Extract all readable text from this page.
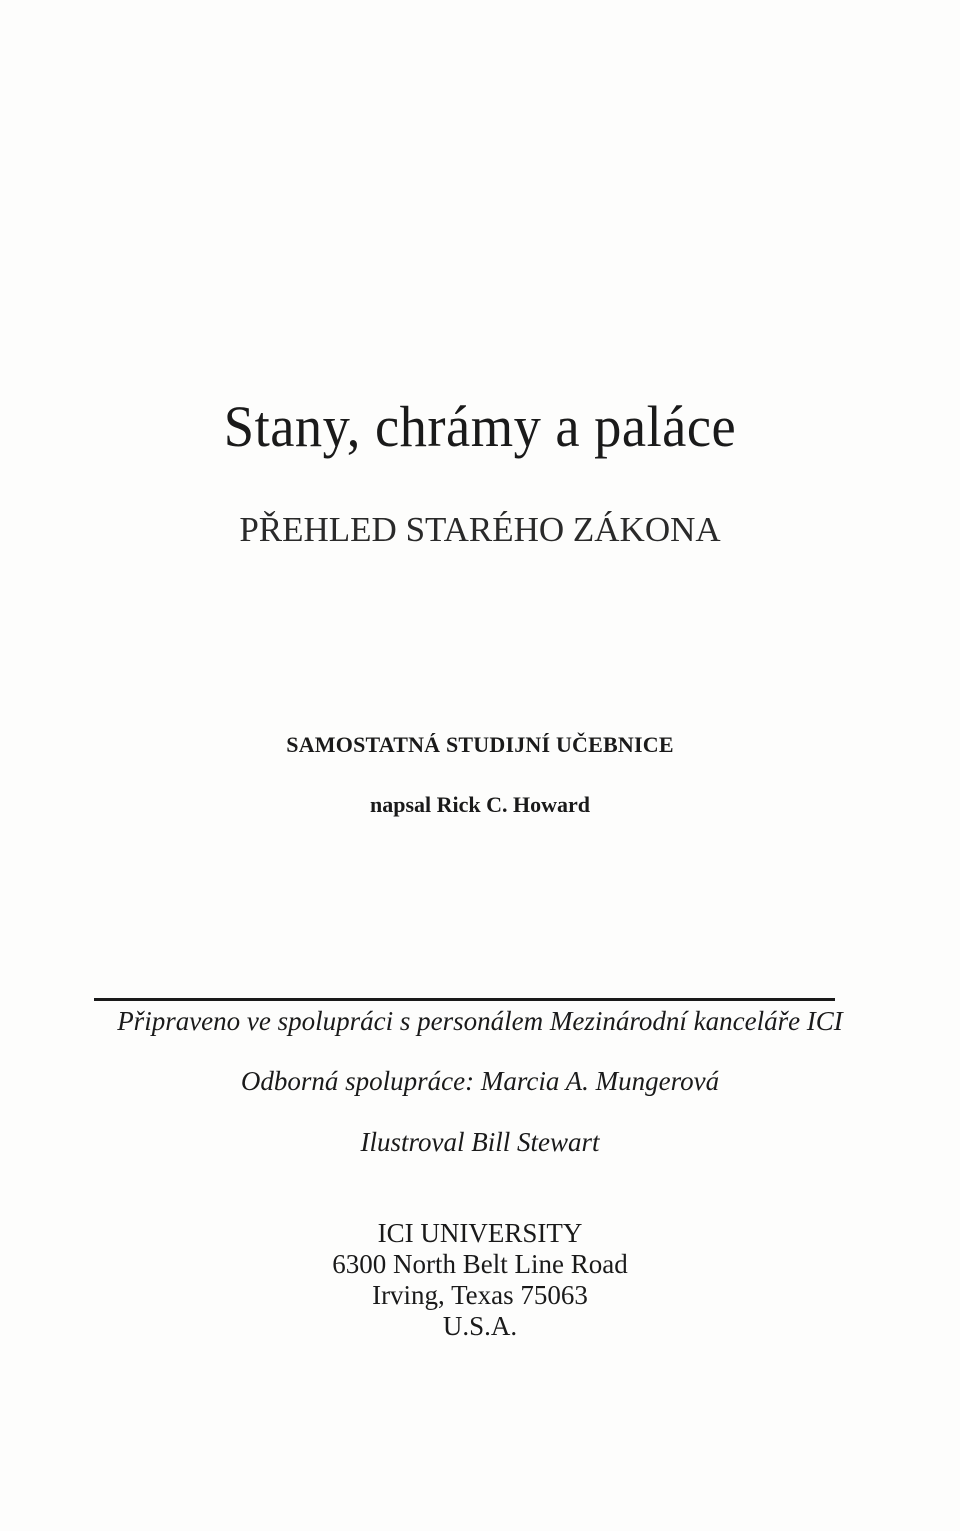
Stany, chrámy a paláce
PŘEHLED STARÉHO ZÁKONA
SAMOSTATNÁ STUDIJNÍ UČEBNICE
napsal Rick C. Howard
Připraveno ve spolupráci s personálem Mezinárodní kanceláře ICI
Odborná spolupráce: Marcia A. Mungerová
Ilustroval Bill Stewart
ICI UNIVERSITY
6300 North Belt Line Road
Irving, Texas 75063
U.S.A.
